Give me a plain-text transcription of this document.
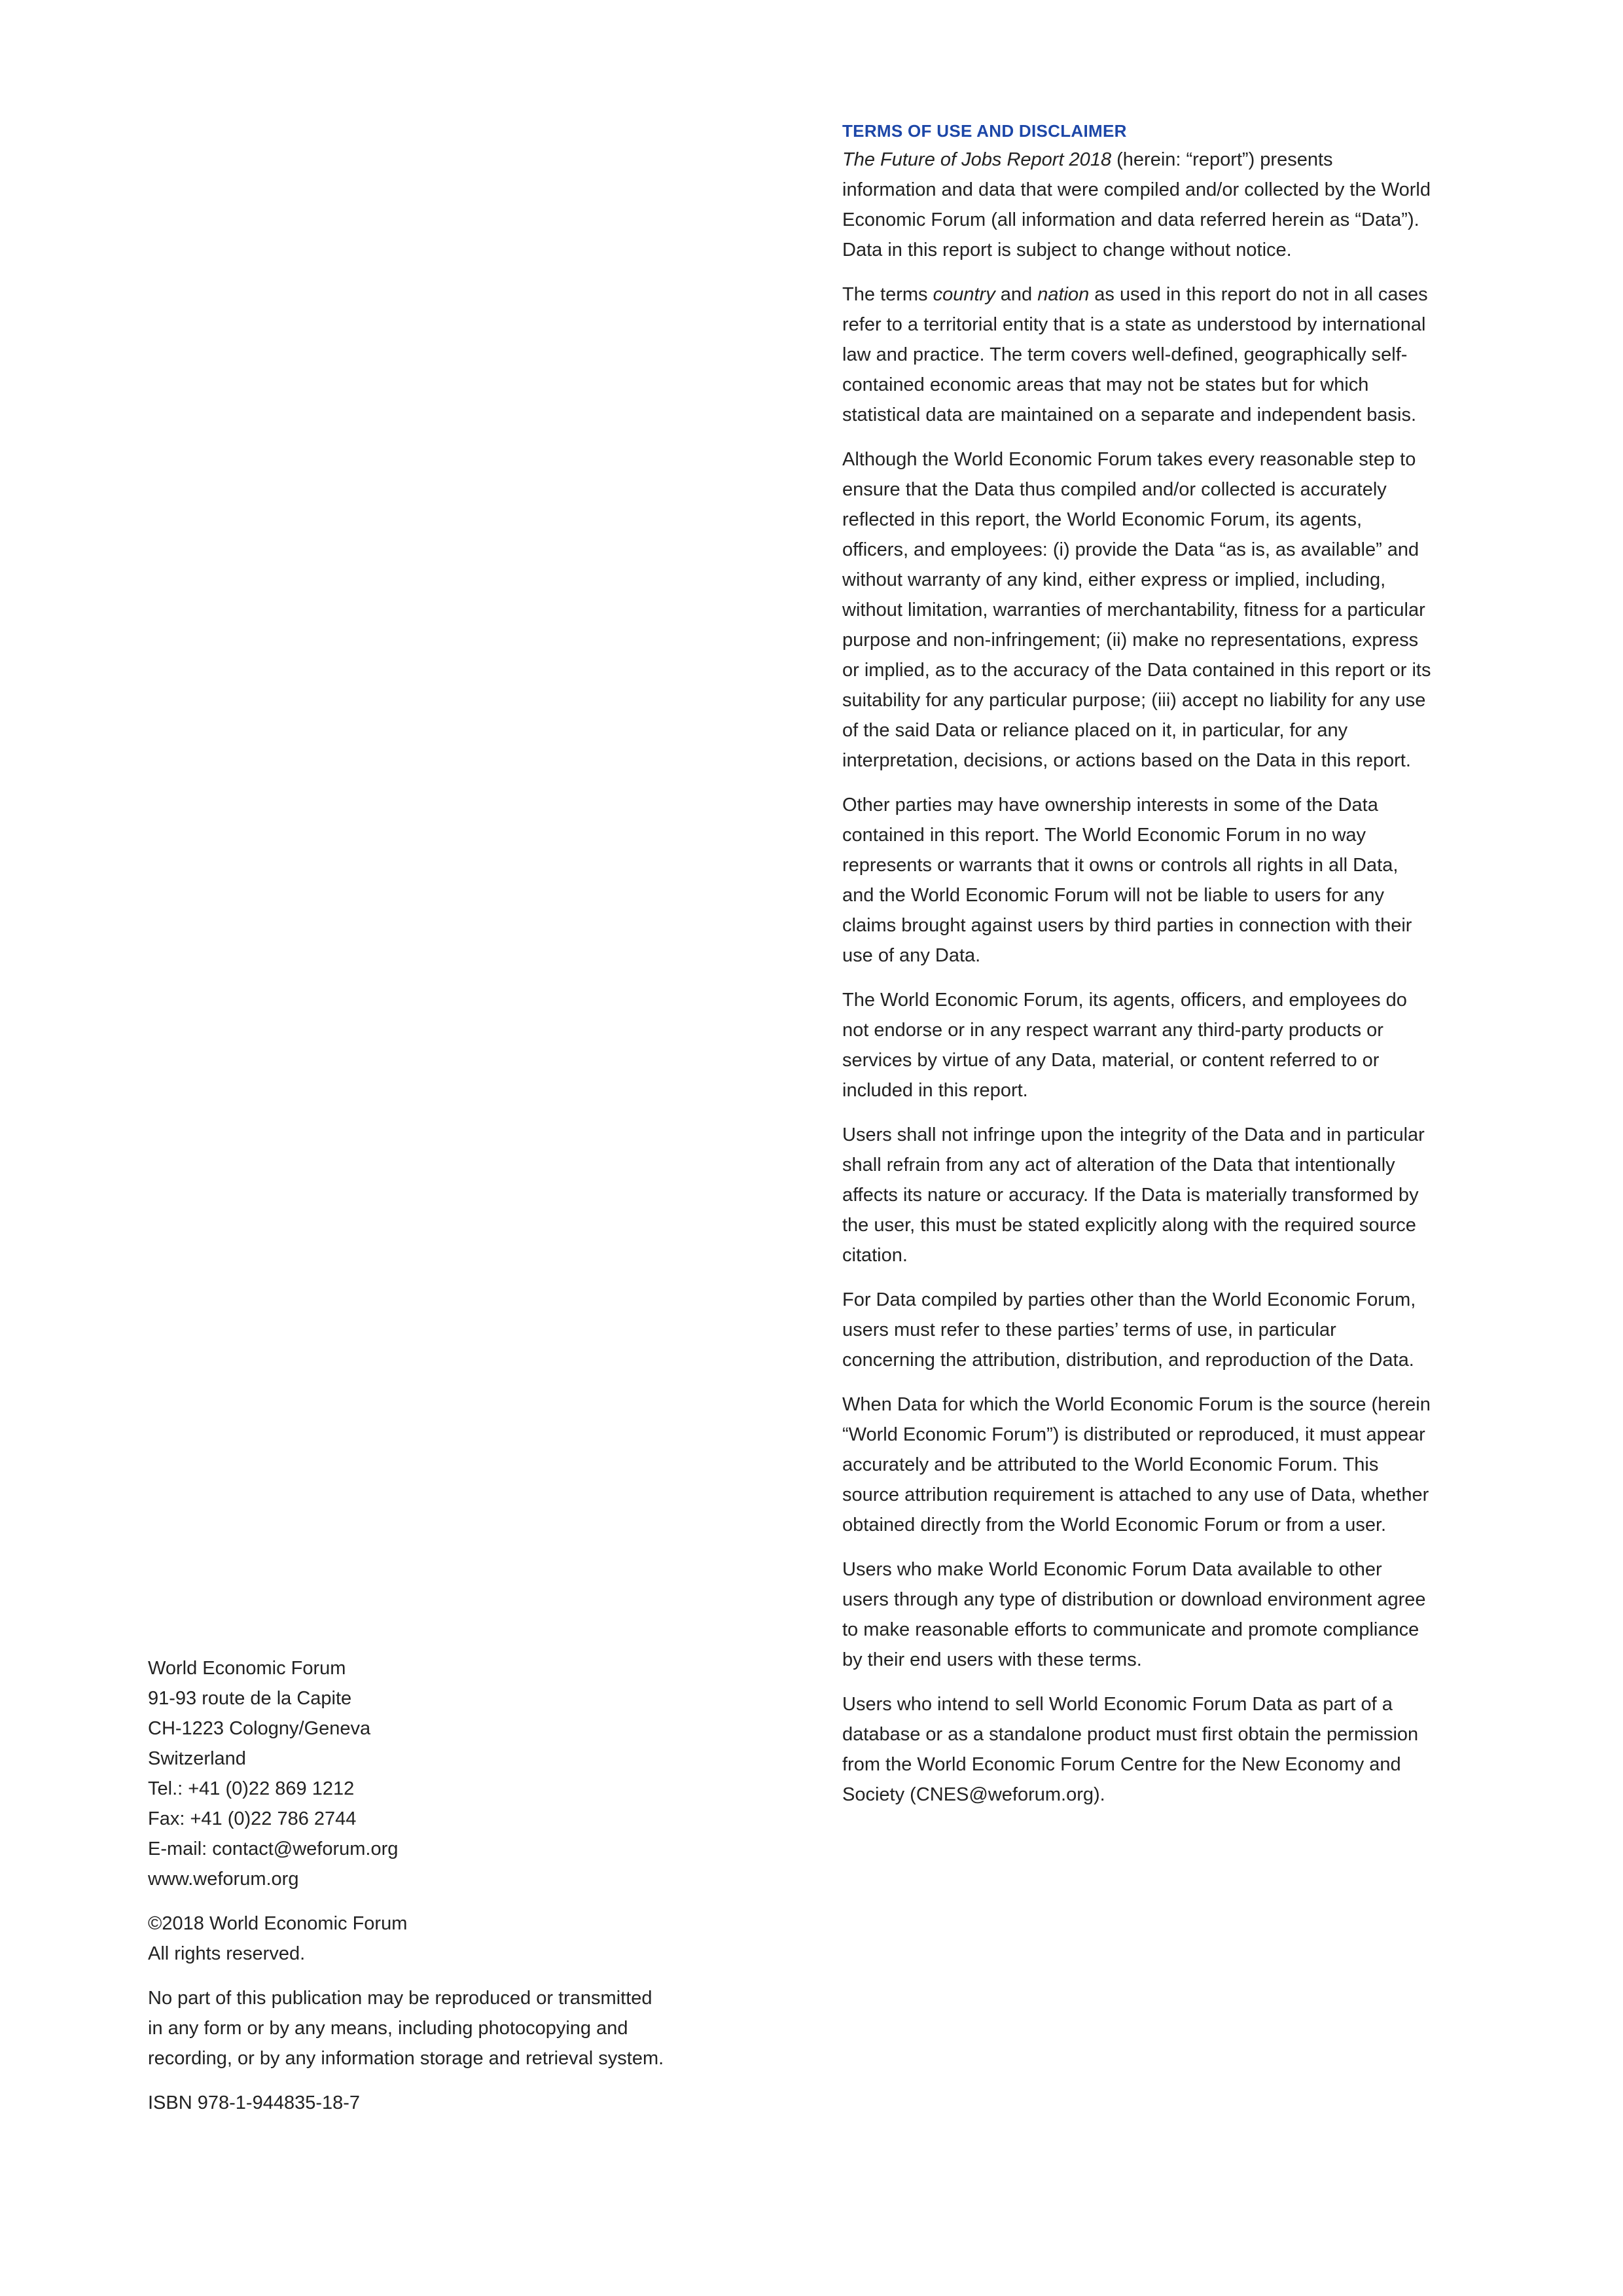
TERMS OF USE AND DISCLAIMER

The Future of Jobs Report 2018 (herein: “report”) presents information and data that were compiled and/or collected by the World Economic Forum (all information and data referred herein as “Data”). Data in this report is subject to change without notice.

The terms country and nation as used in this report do not in all cases refer to a territorial entity that is a state as understood by international law and practice. The term covers well-defined, geographically self-contained economic areas that may not be states but for which statistical data are maintained on a separate and independent basis.

Although the World Economic Forum takes every reasonable step to ensure that the Data thus compiled and/or collected is accurately reflected in this report, the World Economic Forum, its agents, officers, and employees: (i) provide the Data “as is, as available” and without warranty of any kind, either express or implied, including, without limitation, warranties of merchantability, fitness for a particular purpose and non-infringement; (ii) make no representations, express or implied, as to the accuracy of the Data contained in this report or its suitability for any particular purpose; (iii) accept no liability for any use of the said Data or reliance placed on it, in particular, for any interpretation, decisions, or actions based on the Data in this report.

Other parties may have ownership interests in some of the Data contained in this report. The World Economic Forum in no way represents or warrants that it owns or controls all rights in all Data, and the World Economic Forum will not be liable to users for any claims brought against users by third parties in connection with their use of any Data.

The World Economic Forum, its agents, officers, and employees do not endorse or in any respect warrant any third-party products or services by virtue of any Data, material, or content referred to or included in this report.

Users shall not infringe upon the integrity of the Data and in particular shall refrain from any act of alteration of the Data that intentionally affects its nature or accuracy. If the Data is materially transformed by the user, this must be stated explicitly along with the required source citation.

For Data compiled by parties other than the World Economic Forum, users must refer to these parties’ terms of use, in particular concerning the attribution, distribution, and reproduction of the Data.

When Data for which the World Economic Forum is the source (herein “World Economic Forum”) is distributed or reproduced, it must appear accurately and be attributed to the World Economic Forum. This source attribution requirement is attached to any use of Data, whether obtained directly from the World Economic Forum or from a user.

Users who make World Economic Forum Data available to other users through any type of distribution or download environment agree to make reasonable efforts to communicate and promote compliance by their end users with these terms.

Users who intend to sell World Economic Forum Data as part of a database or as a standalone product must first obtain the permission from the World Economic Forum Centre for the New Economy and Society (CNES@weforum.org).

World Economic Forum
91-93 route de la Capite
CH-1223 Cologny/Geneva
Switzerland
Tel.: +41 (0)22 869 1212
Fax: +41 (0)22 786 2744
E-mail: contact@weforum.org
www.weforum.org
©2018 World Economic Forum
All rights reserved.
No part of this publication may be reproduced or transmitted
in any form or by any means, including photocopying and
recording, or by any information storage and retrieval system.
ISBN 978-1-944835-18-7
